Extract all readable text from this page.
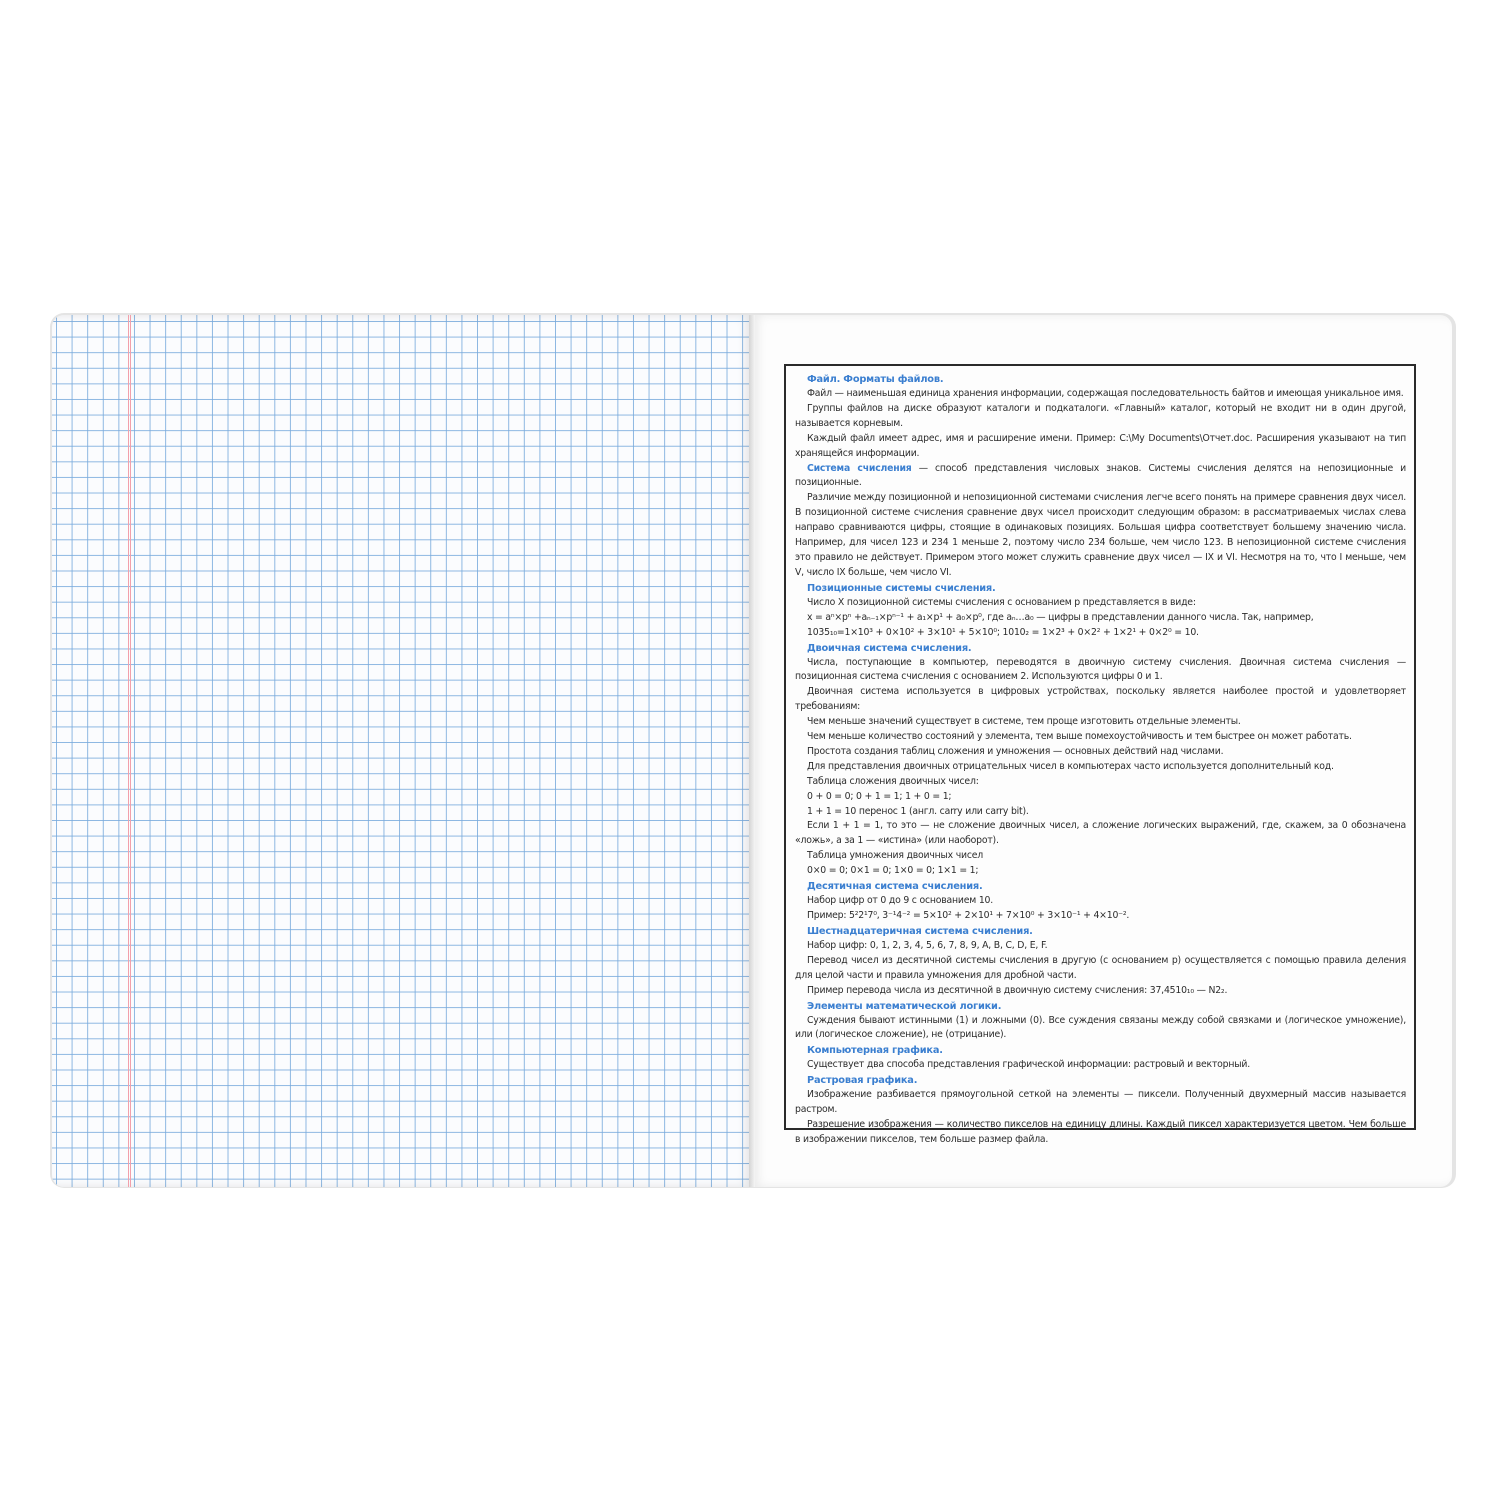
Файл. Форматы файлов.

Файл — наименьшая единица хранения информации, содержащая последовательность байтов и имеющая уникальное имя.

Группы файлов на диске образуют каталоги и подкаталоги. «Главный» каталог, который не входит ни в один другой, называется корневым.

Каждый файл имеет адрес, имя и расширение имени. Пример: C:\My Documents\Отчет.doc. Расширения указывают на тип хранящейся информации.

Система счисления — способ представления числовых знаков. Системы счисления делятся на непозиционные и позиционные.

Различие между позиционной и непозиционной системами счисления легче всего понять на примере сравнения двух чисел. В позиционной системе счисления сравнение двух чисел происходит следующим образом: в рассматриваемых числах слева направо сравниваются цифры, стоящие в одинаковых позициях. Большая цифра соответствует большему значению числа. Например, для чисел 123 и 234 1 меньше 2, поэтому число 234 больше, чем число 123. В непозиционной системе счисления это правило не действует. Примером этого может служить сравнение двух чисел — IX и VI. Несмотря на то, что I меньше, чем V, число IX больше, чем число VI.

Позиционные системы счисления.

Число X позиционной системы счисления с основанием p представляется в виде:

x = aⁿ×pⁿ +aₙ₋₁×pⁿ⁻¹ + a₁×p¹ + a₀×p⁰, где aₙ…a₀ — цифры в представлении данного числа. Так, например,

1035₁₀=1×10³ + 0×10² + 3×10¹ + 5×10⁰; 1010₂ = 1×2³ + 0×2² + 1×2¹ + 0×2⁰ = 10.

Двоичная система счисления.

Числа, поступающие в компьютер, переводятся в двоичную систему счисления. Двоичная система счисления — позиционная система счисления с основанием 2. Используются цифры 0 и 1.

Двоичная система используется в цифровых устройствах, поскольку является наиболее простой и удовлетворяет требованиям:

Чем меньше значений существует в системе, тем проще изготовить отдельные элементы.

Чем меньше количество состояний у элемента, тем выше помехоустойчивость и тем быстрее он может работать.

Простота создания таблиц сложения и умножения — основных действий над числами.

Для представления двоичных отрицательных чисел в компьютерах часто используется дополнительный код.

Таблица сложения двоичных чисел:

0 + 0 = 0; 0 + 1 = 1; 1 + 0 = 1;

1 + 1 = 10 перенос 1 (англ. carry или carry bit).

Если 1 + 1 = 1, то это — не сложение двоичных чисел, а сложение логических выражений, где, скажем, за 0 обозначена «ложь», а за 1 — «истина» (или наоборот).

Таблица умножения двоичных чисел

0×0 = 0; 0×1 = 0; 1×0 = 0; 1×1 = 1;

Десятичная система счисления.

Набор цифр от 0 до 9 с основанием 10.

Пример: 5²2¹7⁰, 3⁻¹4⁻² = 5×10² + 2×10¹ + 7×10⁰ + 3×10⁻¹ + 4×10⁻².

Шестнадцатеричная система счисления.

Набор цифр: 0, 1, 2, 3, 4, 5, 6, 7, 8, 9, A, B, C, D, E, F.

Перевод чисел из десятичной системы счисления в другую (с основанием p) осуществляется с помощью правила деления для целой части и правила умножения для дробной части.

Пример перевода числа из десятичной в двоичную систему счисления: 37,4510₁₀ — N2₂.

Элементы математической логики.

Суждения бывают истинными (1) и ложными (0). Все суждения связаны между собой связками и (логическое умножение), или (логическое сложение), не (отрицание).

Компьютерная графика.

Существует два способа представления графической информации: растровый и векторный.

Растровая графика.

Изображение разбивается прямоугольной сеткой на элементы — пиксели. Полученный двухмерный массив называется растром.

Разрешение изображения — количество пикселов на единицу длины. Каждый пиксел характеризуется цветом. Чем больше в изображении пикселов, тем больше размер файла.
